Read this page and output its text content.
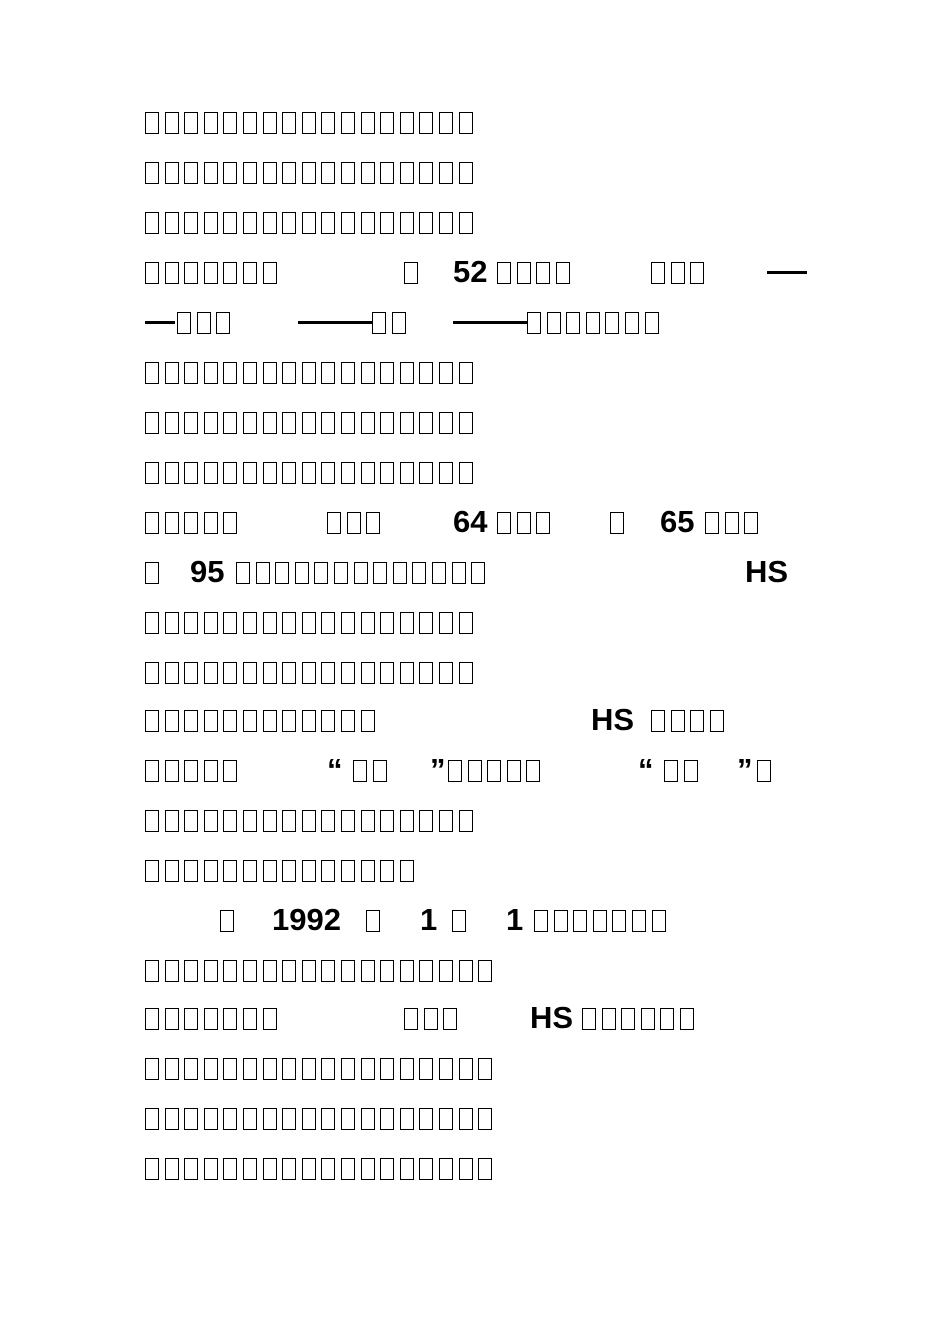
52
64	65
95	HS
HS
“	”	“	”
1992	1 1
HS
